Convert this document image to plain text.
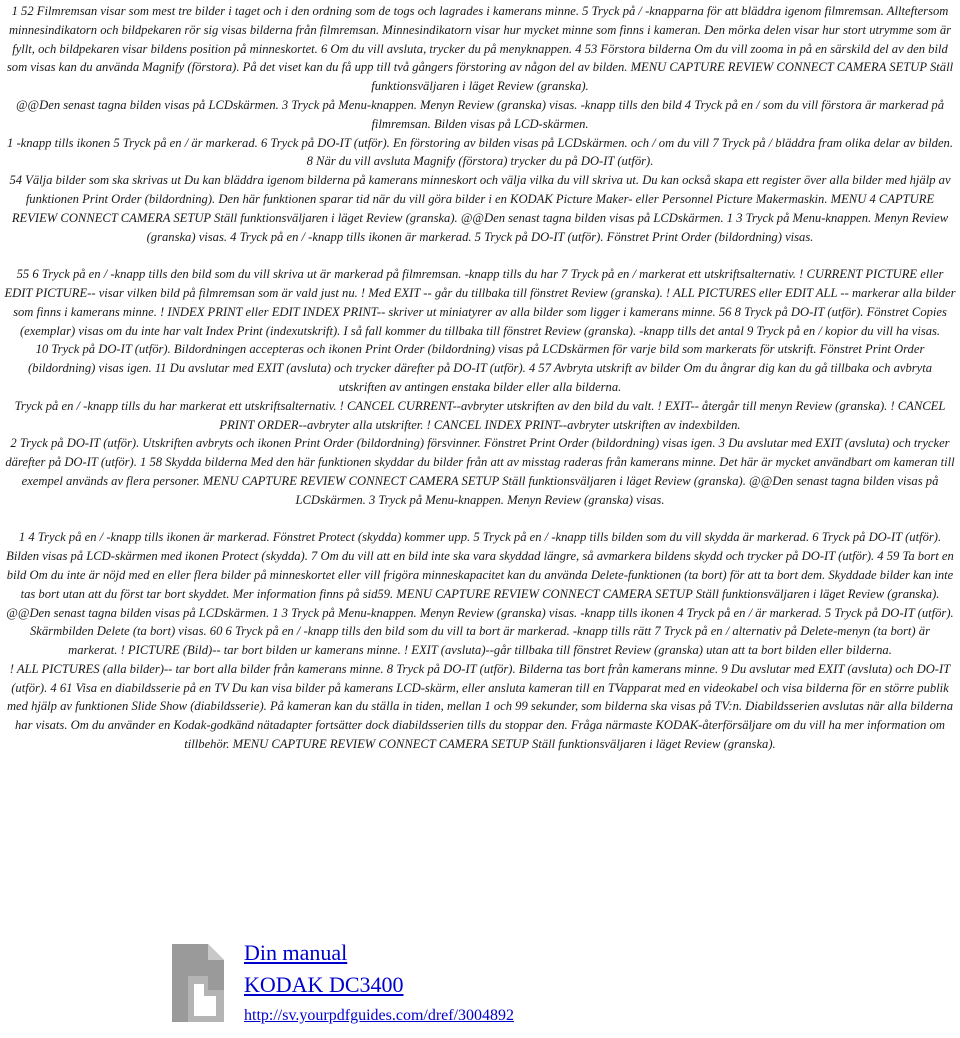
1 52 Filmremsan visar som mest tre bilder i taget och i den ordning som de togs och lagrades i kamerans minne. 5 Tryck på / -knapparna för att bläddra igenom filmremsan. Allteftersom minnesindikatorn och bildpekaren rör sig visas bilderna från filmremsan. Minnesindikatorn visar hur mycket minne som finns i kameran. Den mörka delen visar hur stort utrymme som är fyllt, och bildpekaren visar bildens position på minneskortet. 6 Om du vill avsluta, trycker du på menyknappen. 4 53 Förstora bilderna Om du vill zooma in på en särskild del av den bild som visas kan du använda Magnify (förstora). På det viset kan du få upp till två gångers förstoring av någon del av bilden. MENU CAPTURE REVIEW CONNECT CAMERA SETUP Ställ funktionsväljaren i läget Review (granska).

@@Den senast tagna bilden visas på LCDskärmen. 3 Tryck på Menu-knappen. Menyn Review (granska) visas. -knapp tills den bild 4 Tryck på en / som du vill förstora är markerad på filmremsan. Bilden visas på LCD-skärmen.

1 -knapp tills ikonen 5 Tryck på en / är markerad. 6 Tryck på DO-IT (utför). En förstoring av bilden visas på LCDskärmen. och / om du vill 7 Tryck på / bläddra fram olika delar av bilden. 8 När du vill avsluta Magnify (förstora) trycker du på DO-IT (utför).

54 Välja bilder som ska skrivas ut Du kan bläddra igenom bilderna på kamerans minneskort och välja vilka du vill skriva ut. Du kan också skapa ett register över alla bilder med hjälp av funktionen Print Order (bildordning). Den här funktionen sparar tid när du vill göra bilder i en KODAK Picture Maker- eller Personnel Picture Makermaskin. MENU 4 CAPTURE REVIEW CONNECT CAMERA SETUP Ställ funktionsväljaren i läget Review (granska). @@Den senast tagna bilden visas på LCDskärmen. 1 3 Tryck på Menu-knappen. Menyn Review (granska) visas. 4 Tryck på en / -knapp tills ikonen är markerad. 5 Tryck på DO-IT (utför). Fönstret Print Order (bildordning) visas.

55 6 Tryck på en / -knapp tills den bild som du vill skriva ut är markerad på filmremsan. -knapp tills du har 7 Tryck på en / markerat ett utskriftsalternativ. ! CURRENT PICTURE eller EDIT PICTURE-- visar vilken bild på filmremsan som är vald just nu. ! Med EXIT -- går du tillbaka till fönstret Review (granska). ! ALL PICTURES eller EDIT ALL -- markerar alla bilder som finns i kamerans minne. ! INDEX PRINT eller EDIT INDEX PRINT-- skriver ut miniatyrer av alla bilder som ligger i kamerans minne. 56 8 Tryck på DO-IT (utför). Fönstret Copies (exemplar) visas om du inte har valt Index Print (indexutskrift). I så fall kommer du tillbaka till fönstret Review (granska). -knapp tills det antal 9 Tryck på en / kopior du vill ha visas.

10 Tryck på DO-IT (utför). Bildordningen accepteras och ikonen Print Order (bildordning) visas på LCDskärmen för varje bild som markerats för utskrift. Fönstret Print Order (bildordning) visas igen. 11 Du avslutar med EXIT (avsluta) och trycker därefter på DO-IT (utför). 4 57 Avbryta utskrift av bilder Om du ångrar dig kan du gå tillbaka och avbryta utskriften av antingen enstaka bilder eller alla bilderna.

Tryck på en / -knapp tills du har markerat ett utskriftsalternativ. ! CANCEL CURRENT--avbryter utskriften av den bild du valt. ! EXIT-- återgår till menyn Review (granska). ! CANCEL PRINT ORDER--avbryter alla utskrifter. ! CANCEL INDEX PRINT--avbryter utskriften av indexbilden.

2 Tryck på DO-IT (utför). Utskriften avbryts och ikonen Print Order (bildordning) försvinner. Fönstret Print Order (bildordning) visas igen. 3 Du avslutar med EXIT (avsluta) och trycker därefter på DO-IT (utför). 1 58 Skydda bilderna Med den här funktionen skyddar du bilder från att av misstag raderas från kamerans minne. Det här är mycket användbart om kameran till exempel används av flera personer. MENU CAPTURE REVIEW CONNECT CAMERA SETUP Ställ funktionsväljaren i läget Review (granska). @@Den senast tagna bilden visas på LCDskärmen. 3 Tryck på Menu-knappen. Menyn Review (granska) visas.

1 4 Tryck på en / -knapp tills ikonen är markerad. Fönstret Protect (skydda) kommer upp. 5 Tryck på en / -knapp tills bilden som du vill skydda är markerad. 6 Tryck på DO-IT (utför). Bilden visas på LCD-skärmen med ikonen Protect (skydda). 7 Om du vill att en bild inte ska vara skyddad längre, så avmarkera bildens skydd och trycker på DO-IT (utför). 4 59 Ta bort en bild Om du inte är nöjd med en eller flera bilder på minneskortet eller vill frigöra minneskapacitet kan du använda Delete-funktionen (ta bort) för att ta bort dem. Skyddade bilder kan inte tas bort utan att du först tar bort skyddet. Mer information finns på sid59. MENU CAPTURE REVIEW CONNECT CAMERA SETUP Ställ funktionsväljaren i läget Review (granska).

@@Den senast tagna bilden visas på LCDskärmen. 1 3 Tryck på Menu-knappen. Menyn Review (granska) visas. -knapp tills ikonen 4 Tryck på en / är markerad. 5 Tryck på DO-IT (utför).

Skärmbilden Delete (ta bort) visas. 60 6 Tryck på en / -knapp tills den bild som du vill ta bort är markerad. -knapp tills rätt 7 Tryck på en / alternativ på Delete-menyn (ta bort) är markerat. ! PICTURE (Bild)-- tar bort bilden ur kamerans minne. ! EXIT (avsluta)--går tillbaka till fönstret Review (granska) utan att ta bort bilden eller bilderna.

! ALL PICTURES (alla bilder)-- tar bort alla bilder från kamerans minne. 8 Tryck på DO-IT (utför). Bilderna tas bort från kamerans minne. 9 Du avslutar med EXIT (avsluta) och DO-IT (utför). 4 61 Visa en diabildsserie på en TV Du kan visa bilder på kamerans LCD-skärm, eller ansluta kameran till en TVapparat med en videokabel och visa bilderna för en större publik med hjälp av funktionen Slide Show (diabildsserie). På kameran kan du ställa in tiden, mellan 1 och 99 sekunder, som bilderna ska visas på TV:n. Diabildsserien avslutas när alla bilderna har visats. Om du använder en Kodak-godkänd nätadapter fortsätter dock diabildsserien tills du stoppar den. Fråga närmaste KODAK-återförsäljare om du vill ha mer information om tillbehör. MENU CAPTURE REVIEW CONNECT CAMERA SETUP Ställ funktionsväljaren i läget Review (granska).

Din manual
KODAK DC3400
http://sv.yourpdfguides.com/dref/3004892
